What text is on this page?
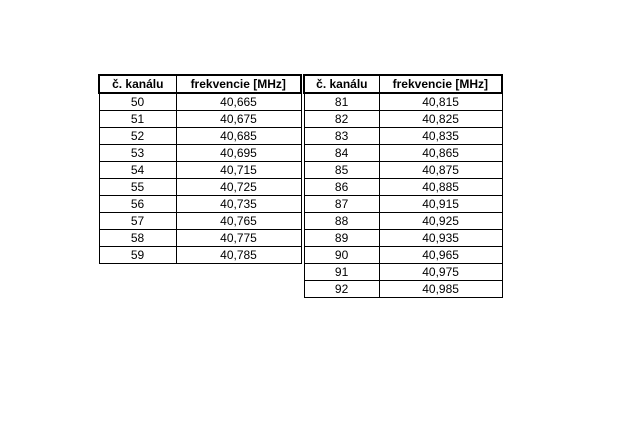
č. kanálu	frekvencie [MHz]
50	40,665
51	40,675
52	40,685
53	40,695
54	40,715
55	40,725
56	40,735
57	40,765
58	40,775
59	40,785
č. kanálu	frekvencie [MHz]
81	40,815
82	40,825
83	40,835
84	40,865
85	40,875
86	40,885
87	40,915
88	40,925
89	40,935
90	40,965
91	40,975
92	40,985
